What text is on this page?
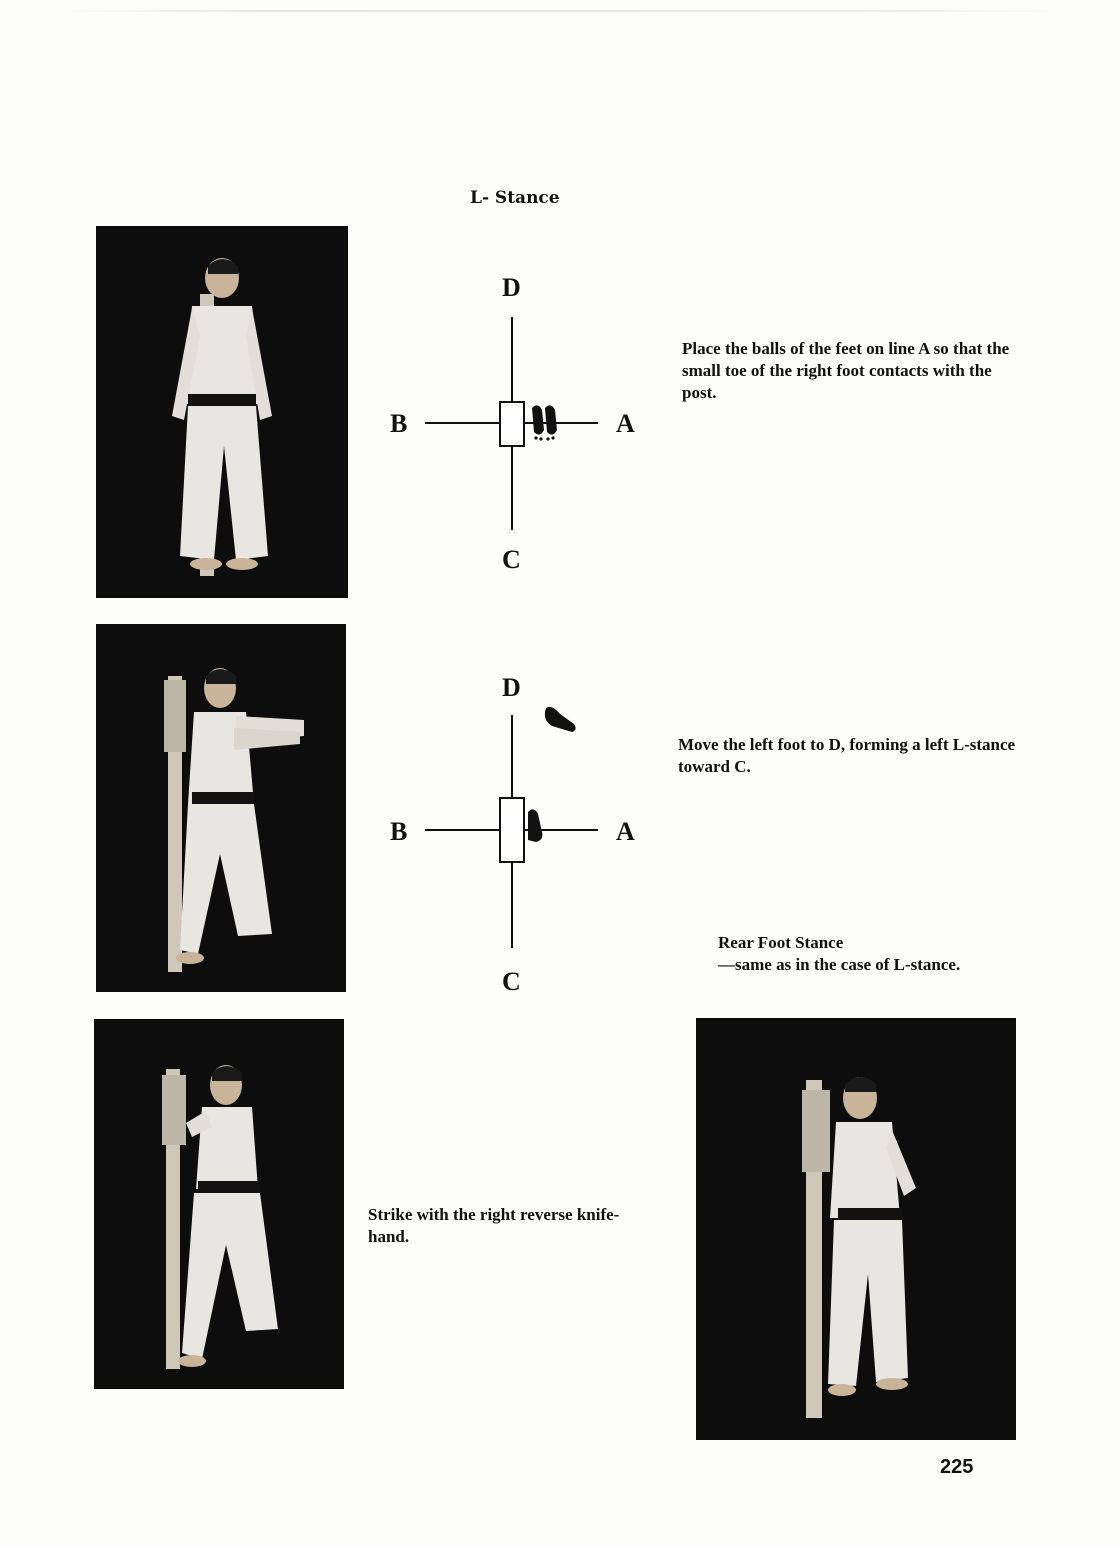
L- Stance
D
B	A
C
Place the balls of the feet on line A so that the small toe of the right foot contacts with the post.
D
B	A
C
Move the left foot to D, forming a left L-stance toward C.
Rear Foot Stance
—same as in the case of L-stance.
Strike with the right reverse knife-hand.
225
